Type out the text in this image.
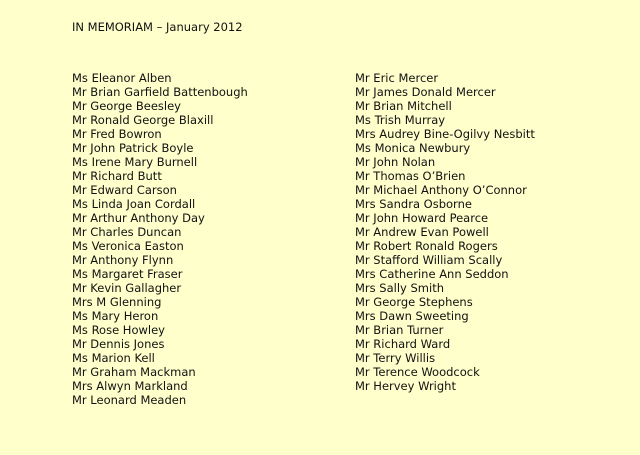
IN MEMORIAM – January 2012
Ms Eleanor Alben
Mr Brian Garfield Battenbough
Mr George Beesley
Mr Ronald George Blaxill
Mr Fred Bowron
Mr John Patrick Boyle
Ms Irene Mary Burnell
Mr Richard Butt
Mr Edward Carson
Ms Linda Joan Cordall
Mr Arthur Anthony Day
Mr Charles Duncan
Ms Veronica Easton
Mr Anthony Flynn
Ms Margaret Fraser
Mr Kevin Gallagher
Mrs M Glenning
Ms Mary Heron
Ms Rose Howley
Mr Dennis Jones
Ms Marion Kell
Mr Graham Mackman
Mrs Alwyn Markland
Mr Leonard Meaden
Mr Eric Mercer
Mr James Donald Mercer
Mr Brian Mitchell
Ms Trish Murray
Mrs Audrey Bine-Ogilvy Nesbitt
Ms Monica Newbury
Mr John Nolan
Mr Thomas O’Brien
Mr Michael Anthony O’Connor
Mrs Sandra Osborne
Mr John Howard Pearce
Mr Andrew Evan Powell
Mr Robert Ronald Rogers
Mr Stafford William Scally
Mrs Catherine Ann Seddon
Mrs Sally Smith
Mr George Stephens
Mrs Dawn Sweeting
Mr Brian Turner
Mr Richard Ward
Mr Terry Willis
Mr Terence Woodcock
Mr Hervey Wright
